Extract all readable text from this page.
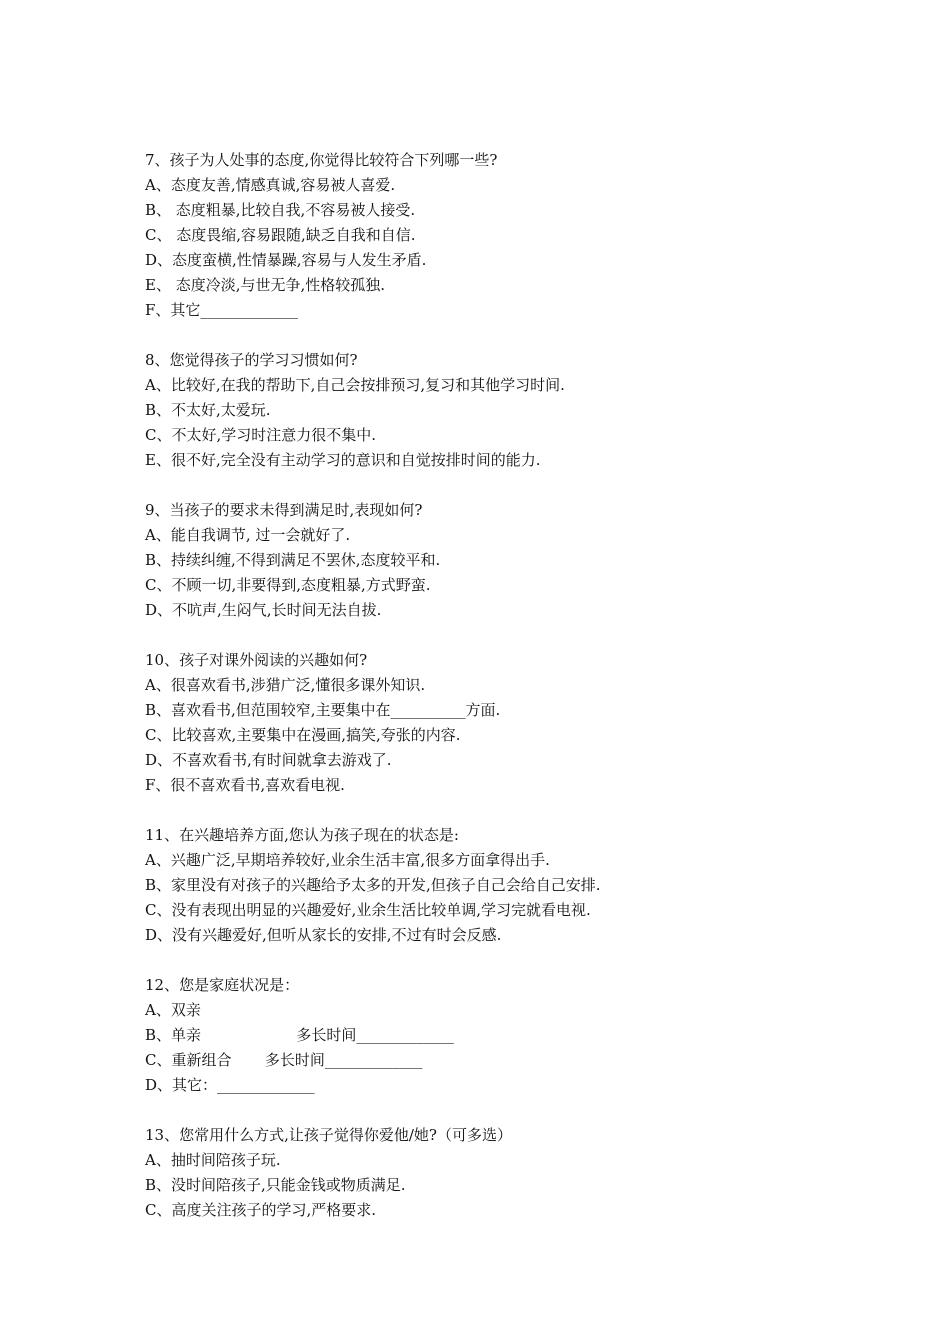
7、孩子为人处事的态度,你觉得比较符合下列哪一些?
A、态度友善,情感真诚,容易被人喜爱.
B、 态度粗暴,比较自我,不容易被人接受.
C、 态度畏缩,容易跟随,缺乏自我和自信.
D、态度蛮横,性情暴躁,容易与人发生矛盾.
E、 态度冷淡,与世无争,性格较孤独.
F、其它_____________
8、您觉得孩子的学习习惯如何?
A、比较好,在我的帮助下,自己会按排预习,复习和其他学习时间.
B、不太好,太爱玩.
C、不太好,学习时注意力很不集中.
E、很不好,完全没有主动学习的意识和自觉按排时间的能力.
9、当孩子的要求未得到满足时,表现如何?
A、能自我调节, 过一会就好了.
B、持续纠缠,不得到满足不罢休,态度较平和.
C、不顾一切,非要得到,态度粗暴,方式野蛮.
D、不吭声,生闷气,长时间无法自拔.
10、孩子对课外阅读的兴趣如何?
A、很喜欢看书,涉猎广泛,懂很多课外知识.
B、喜欢看书,但范围较窄,主要集中在__________方面.
C、比较喜欢,主要集中在漫画,搞笑,夸张的内容.
D、不喜欢看书,有时间就拿去游戏了.
F、很不喜欢看书,喜欢看电视.
11、在兴趣培养方面,您认为孩子现在的状态是:
A、兴趣广泛,早期培养较好,业余生活丰富,很多方面拿得出手.
B、家里没有对孩子的兴趣给予太多的开发,但孩子自己会给自己安排.
C、没有表现出明显的兴趣爱好,业余生活比较单调,学习完就看电视.
D、没有兴趣爱好,但听从家长的安排,不过有时会反感.
12、您是家庭状况是：
A、双亲
B、单亲                    多长时间_____________
C、重新组合       多长时间_____________
D、其它：_____________
13、您常用什么方式,让孩子觉得你爱他/她?（可多选）
A、抽时间陪孩子玩.
B、没时间陪孩子,只能金钱或物质满足.
C、高度关注孩子的学习,严格要求.
